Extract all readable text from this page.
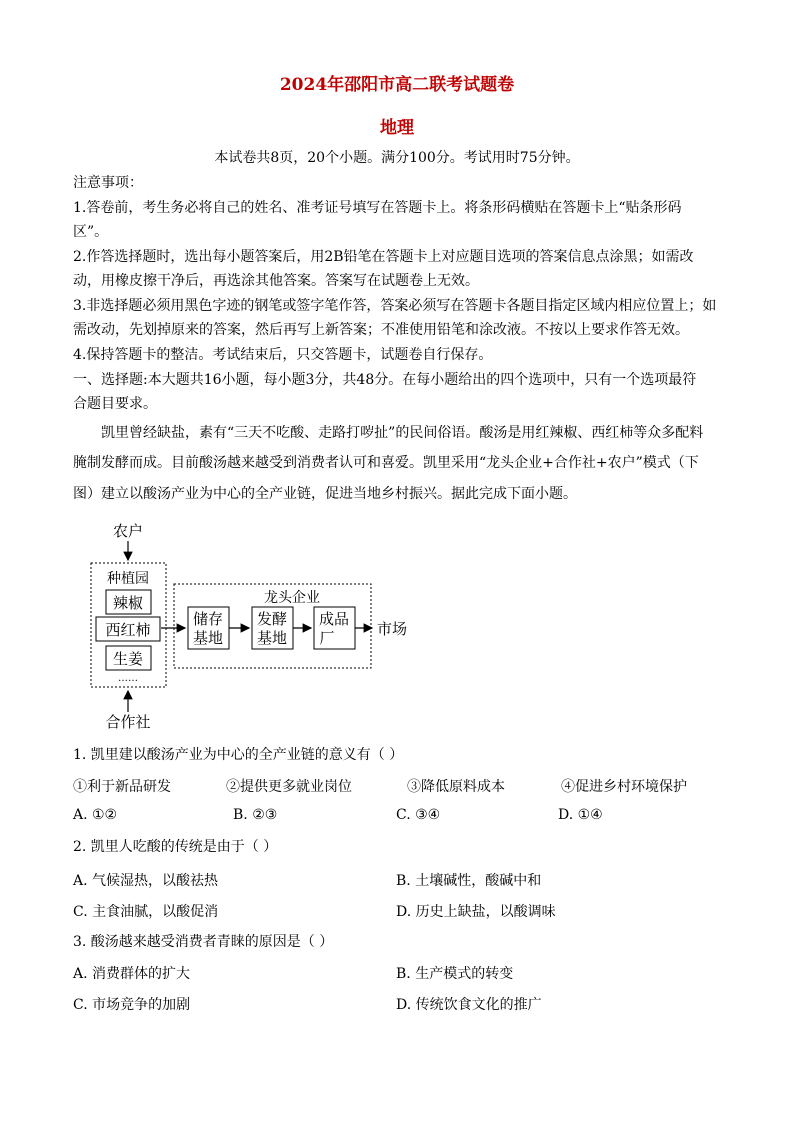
2024年邵阳市高二联考试题卷
地理
本试卷共8页，20个小题。满分100分。考试用时75分钟。
注意事项：
1.答卷前，考生务必将自己的姓名、准考证号填写在答题卡上。将条形码横贴在答题卡上“贴条形码
区”。
2.作答选择题时，选出每小题答案后，用2B铅笔在答题卡上对应题目选项的答案信息点涂黑；如需改
动，用橡皮擦干净后，再选涂其他答案。答案写在试题卷上无效。
3.非选择题必须用黑色字迹的钢笔或签字笔作答，答案必须写在答题卡各题目指定区域内相应位置上；如
需改动，先划掉原来的答案，然后再写上新答案；不准使用铅笔和涂改液。不按以上要求作答无效。
4.保持答题卡的整洁。考试结束后，只交答题卡，试题卷自行保存。
一、选择题:本大题共16小题，每小题3分，共48分。在每小题给出的四个选项中，只有一个选项最符
合题目要求。
凯里曾经缺盐，素有“三天不吃酸、走路打哕扯”的民间俗语。酸汤是用红辣椒、西红柿等众多配料
腌制发酵而成。目前酸汤越来越受到消费者认可和喜爱。凯里采用“龙头企业+合作社+农户”模式（下
图）建立以酸汤产业为中心的全产业链，促进当地乡村振兴。据此完成下面小题。
农户
种植园
辣椒
西红柿
生姜
……
合作社
龙头企业
储存
基地
发酵
基地
成品
厂	市场
1. 凯里建以酸汤产业为中心的全产业链的意义有（ ）
①利于新品研发	②提供更多就业岗位	③降低原料成本	④促进乡村环境保护
A. ①②	B. ②③	C. ③④	D. ①④
2. 凯里人吃酸的传统是由于（ ）
A. 气候湿热，以酸祛热	B. 土壤碱性，酸碱中和
C. 主食油腻，以酸促消	D. 历史上缺盐，以酸调味
3. 酸汤越来越受消费者青睐的原因是（ ）
A. 消费群体的扩大	B. 生产模式的转变
C. 市场竞争的加剧	D. 传统饮食文化的推广
